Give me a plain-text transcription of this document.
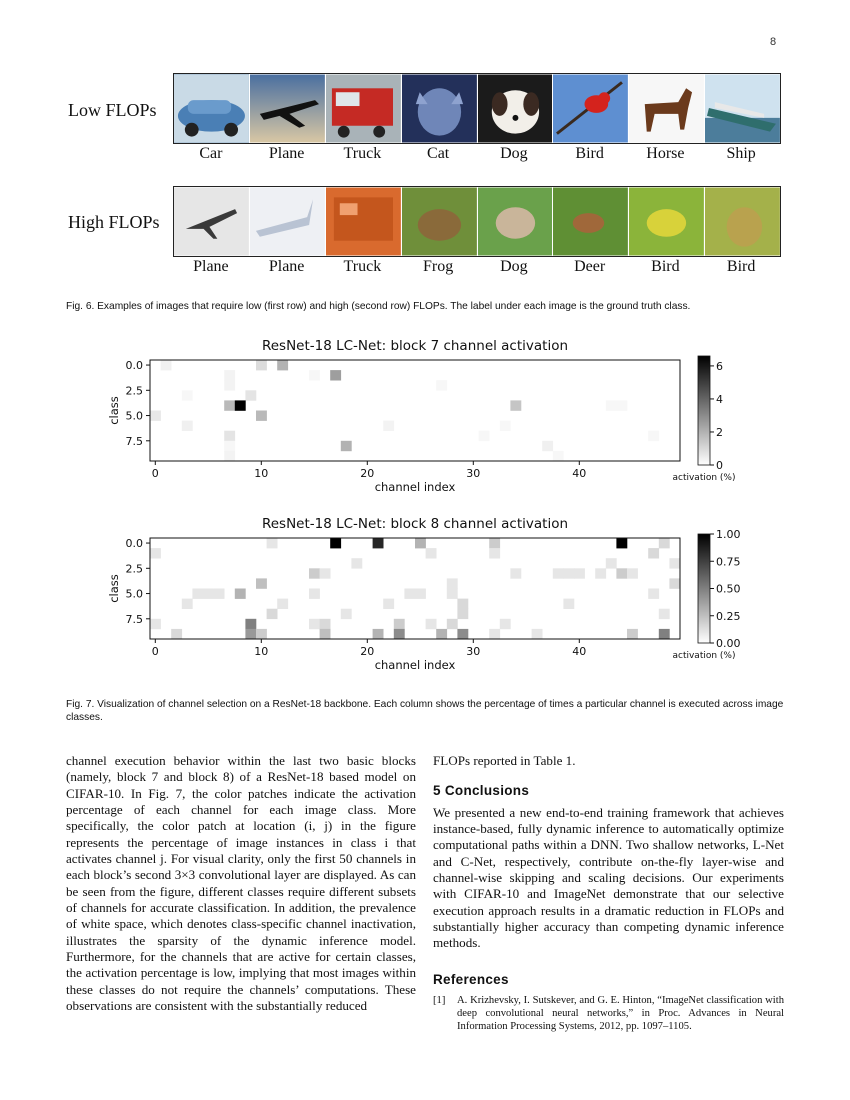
8
Low FLOPs
Car	Plane	Truck	Cat	Dog	Bird	Horse	Ship
High FLOPs
Plane	Plane	Truck	Frog	Dog	Deer	Bird	Bird
Fig. 6. Examples of images that require low (first row) and high (second row) FLOPs. The label under each image is the ground truth class.
ResNet-18 LC-Net: block 7 channel activation
0	10	20	30	40
channel index
0.0
2.5
5.0
7.5
class
0
2
4
6
activation (%)
ResNet-18 LC-Net: block 8 channel activation
0	10	20	30	40
channel index
0.0
2.5
5.0
7.5
class
0.00
0.25
0.50
0.75
1.00
activation (%)
Fig. 7. Visualization of channel selection on a ResNet-18 backbone. Each column shows the percentage of times a particular channel is executed across image classes.

channel execution behavior within the last two basic blocks (namely, block 7 and block 8) of a ResNet-18 based model on CIFAR-10. In Fig. 7, the color patches indicate the activation percentage of each channel for each image class. More specifically, the color patch at location (i, j) in the figure represents the percentage of image instances in class i that activates channel j. For visual clarity, only the first 50 channels in each block’s second 3×3 convolutional layer are displayed. As can be seen from the figure, different classes require different subsets of channels for accurate classification. In addition, the prevalence of white space, which denotes class-specific channel inactivation, illustrates the sparsity of the dynamic inference model. Furthermore, for the channels that are active for certain classes, the activation percentage is low, implying that most images within these classes do not require the channels’ computations. These observations are consistent with the substantially reduced

FLOPs reported in Table 1.

5 Conclusions

We presented a new end-to-end training framework that achieves instance-based, fully dynamic inference to automatically optimize computational paths within a DNN. Two shallow networks, L-Net and C-Net, respectively, contribute on-the-fly layer-wise and channel-wise skipping and scaling decisions. Our experiments with CIFAR-10 and ImageNet demonstrate that our selective execution approach results in a dramatic reduction in FLOPs and substantially higher accuracy than competing dynamic inference methods.

References
[1]	A. Krizhevsky, I. Sutskever, and G. E. Hinton, “ImageNet classification with deep convolutional neural networks,” in Proc. Advances in Neural Information Processing Systems, 2012, pp. 1097–1105.
